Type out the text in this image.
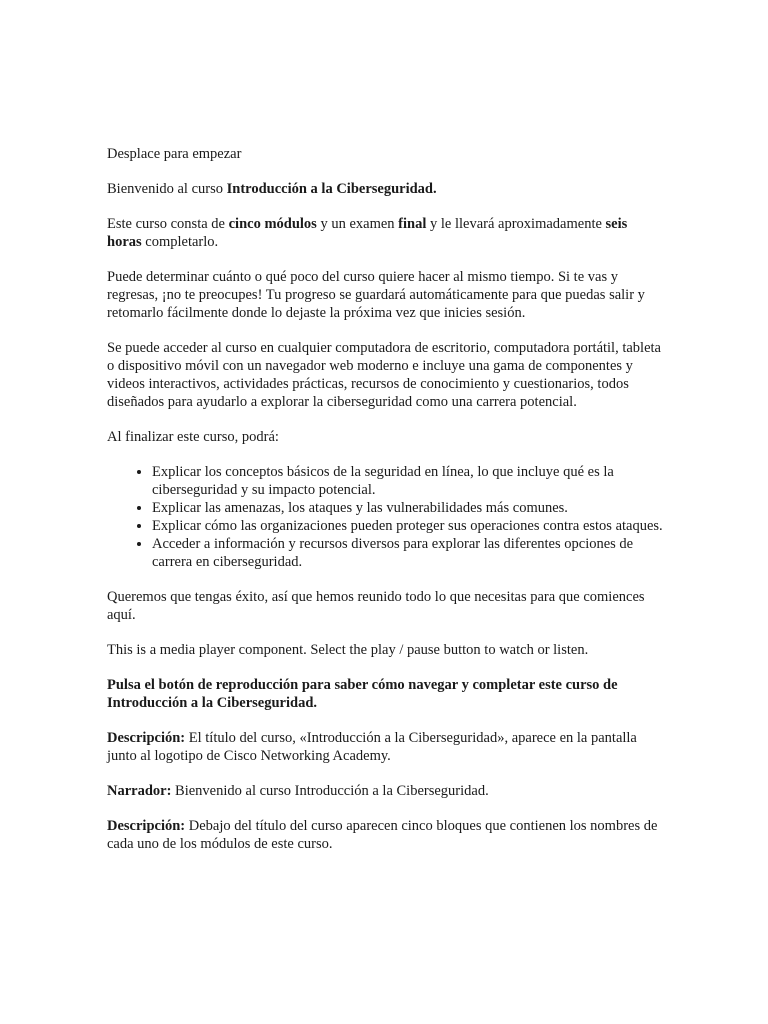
Desplace para empezar

Bienvenido al curso Introducción a la Ciberseguridad.

Este curso consta de cinco módulos y un examen final y le llevará aproximadamente seis horas completarlo.

Puede determinar cuánto o qué poco del curso quiere hacer al mismo tiempo. Si te vas y regresas, ¡no te preocupes! Tu progreso se guardará automáticamente para que puedas salir y retomarlo fácilmente donde lo dejaste la próxima vez que inicies sesión.

Se puede acceder al curso en cualquier computadora de escritorio, computadora portátil, tableta o dispositivo móvil con un navegador web moderno e incluye una gama de componentes y videos interactivos, actividades prácticas, recursos de conocimiento y cuestionarios, todos diseñados para ayudarlo a explorar la ciberseguridad como una carrera potencial.

Al finalizar este curso, podrá:

• Explicar los conceptos básicos de la seguridad en línea, lo que incluye qué es la ciberseguridad y su impacto potencial.
• Explicar las amenazas, los ataques y las vulnerabilidades más comunes.
• Explicar cómo las organizaciones pueden proteger sus operaciones contra estos ataques.
• Acceder a información y recursos diversos para explorar las diferentes opciones de carrera en ciberseguridad.

Queremos que tengas éxito, así que hemos reunido todo lo que necesitas para que comiences aquí.

This is a media player component. Select the play / pause button to watch or listen.

Pulsa el botón de reproducción para saber cómo navegar y completar este curso de Introducción a la Ciberseguridad.

Descripción: El título del curso, «Introducción a la Ciberseguridad», aparece en la pantalla junto al logotipo de Cisco Networking Academy.

Narrador: Bienvenido al curso Introducción a la Ciberseguridad.

Descripción: Debajo del título del curso aparecen cinco bloques que contienen los nombres de cada uno de los módulos de este curso.
